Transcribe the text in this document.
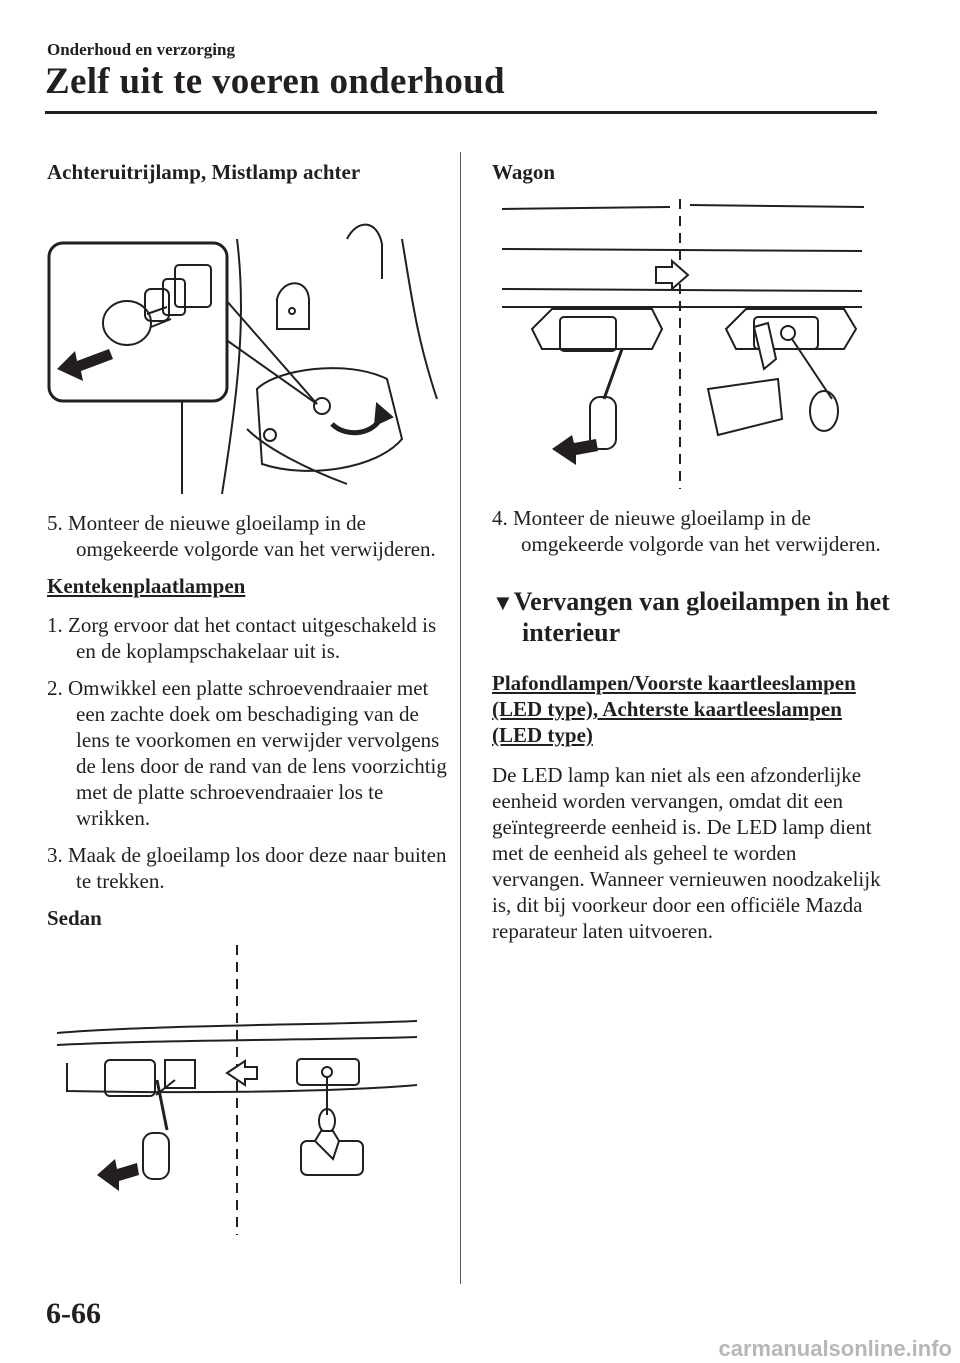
Onderhoud en verzorging
Zelf uit te voeren onderhoud

Achteruitrijlamp, Mistlamp achter

5. Monteer de nieuwe gloeilamp in de omgekeerde volgorde van het verwijderen.

Kentekenplaatlampen

1. Zorg ervoor dat het contact uitgeschakeld is en de koplampschakelaar uit is.

2. Omwikkel een platte schroevendraaier met een zachte doek om beschadiging van de lens te voorkomen en verwijder vervolgens de lens door de rand van de lens voorzichtig met de platte schroevendraaier los te wrikken.

3. Maak de gloeilamp los door deze naar buiten te trekken.

Sedan

Wagon

4. Monteer de nieuwe gloeilamp in de omgekeerde volgorde van het verwijderen.

▼Vervangen van gloeilampen in het interieur

Plafondlampen/Voorste kaartleeslampen (LED type), Achterste kaartleeslampen (LED type)

De LED lamp kan niet als een afzonderlijke eenheid worden vervangen, omdat dit een geïntegreerde eenheid is. De LED lamp dient met de eenheid als geheel te worden vervangen. Wanneer vernieuwen noodzakelijk is, dit bij voorkeur door een officiële Mazda reparateur laten uitvoeren.

6-66
carmanualsonline.info
